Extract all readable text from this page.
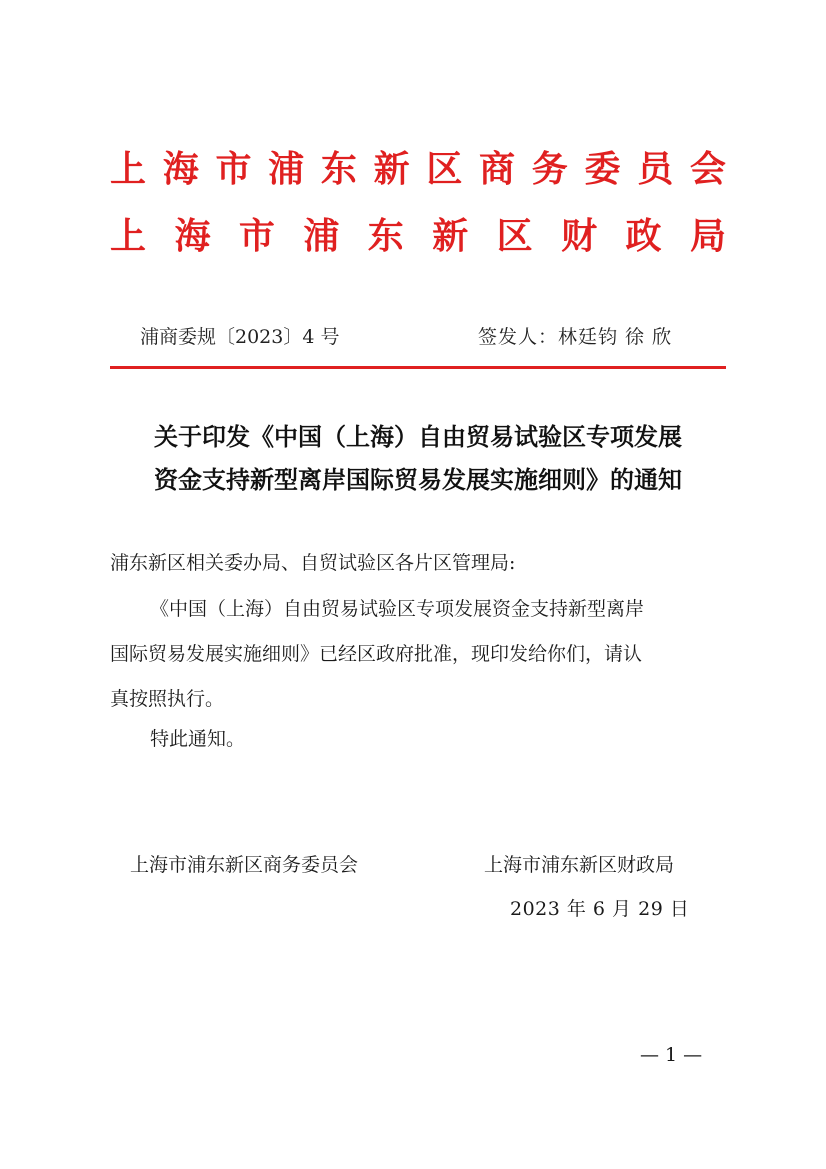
上 海 市 浦 东 新 区 商 务 委 员 会
上 海 市 浦 东 新 区 财 政 局
浦商委规〔2023〕4 号	签发人：林廷钧 徐 欣
关于印发《中国（上海）自由贸易试验区专项发展
资金支持新型离岸国际贸易发展实施细则》的通知
浦东新区相关委办局、自贸试验区各片区管理局:
《中国（上海）自由贸易试验区专项发展资金支持新型离岸
国际贸易发展实施细则》已经区政府批准，现印发给你们，请认
真按照执行。
特此通知。
上海市浦东新区商务委员会	上海市浦东新区财政局
2023 年 6 月 29 日
— 1 —
